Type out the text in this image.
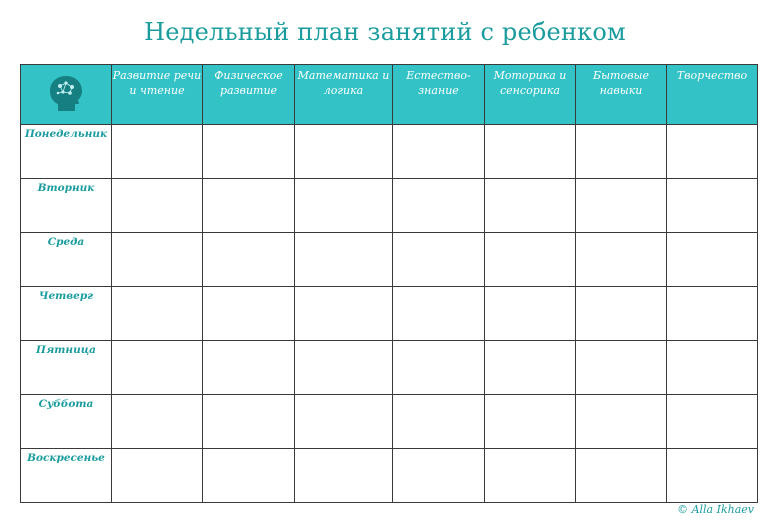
Недельный план занятий с ребенком
	Развитие речи и чтение	Физическое развитие	Математика и логика	Естество-знание	Моторика и сенсорика	Бытовые навыки	Творчество
Понедельник							
Вторник							
Среда							
Четверг							
Пятница							
Суббота							
Воскресенье							
© Alla Ikhaev
